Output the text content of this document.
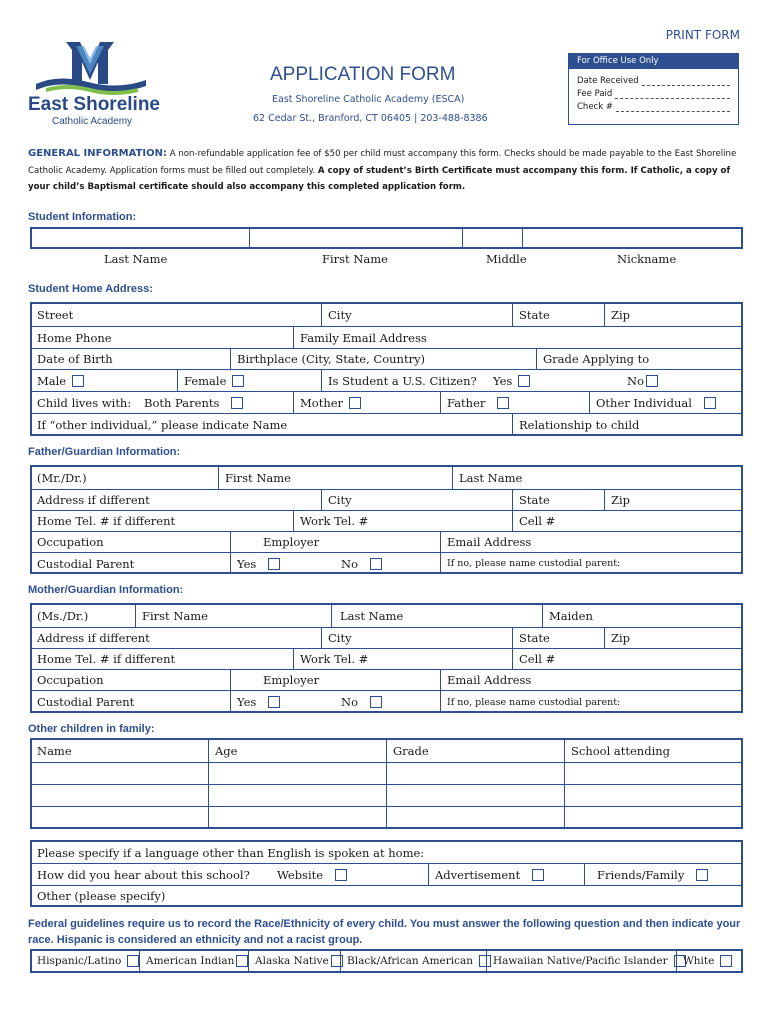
PRINT FORM
East Shoreline
Catholic Academy
APPLICATION FORM
East Shoreline Catholic Academy (ESCA)
62 Cedar St., Branford, CT 06405 | 203-488-8386
For Office Use Only
Date Received
Fee Paid
Check #
GENERAL INFORMATION: A non-refundable application fee of $50 per child must accompany this form. Checks should be made payable to the East Shoreline Catholic Academy. Application forms must be filled out completely. A copy of student’s Birth Certificate must accompany this form. If Catholic, a copy of your child’s Baptismal certificate should also accompany this completed application form.
Student Information:
Last Name	First Name	Middle	Nickname
Student Home Address:
Street	City	State	Zip
Home Phone	Family Email Address
Date of Birth	Birthplace (City, State, Country)	Grade Applying to
Male	Female	Is Student a U.S. Citizen? Yes	No
Child lives with: Both Parents	Mother	Father	Other Individual
If “other individual,” please indicate Name	Relationship to child
Father/Guardian Information:
(Mr./Dr.)	First Name	Last Name
Address if different	City	State	Zip
Home Tel. # if different	Work Tel. #	Cell #
Occupation	Employer	Email Address
Custodial Parent	Yes	No	If no, please name custodial parent:
Mother/Guardian Information:
(Ms./Dr.)	First Name	Last Name	Maiden
Address if different	City	State	Zip
Home Tel. # if different	Work Tel. #	Cell #
Occupation	Employer	Email Address
Custodial Parent	Yes	No	If no, please name custodial parent:
Other children in family:
Name	Age	Grade	School attending
Please specify if a language other than English is spoken at home:
How did you hear about this school? Website	Advertisement	Friends/Family
Other (please specify)
Federal guidelines require us to record the Race/Ethnicity of every child. You must answer the following question and then indicate your race. Hispanic is considered an ethnicity and not a racist group.
Hispanic/Latino American Indian Alaska Native Black/African American Hawaiian Native/Pacific Islander White
